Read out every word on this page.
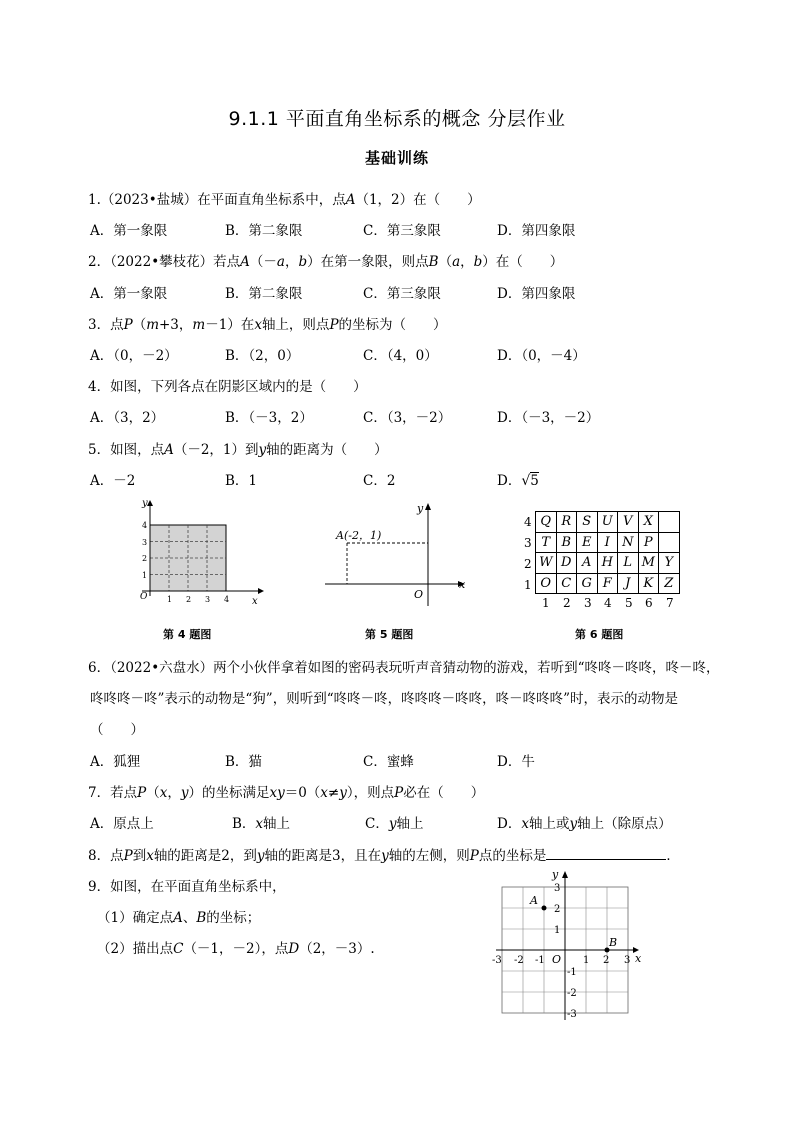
9.1.1 平面直角坐标系的概念 分层作业
基础训练
1.（2023•盐城）在平面直角坐标系中，点A（1，2）在（　　）
A．第一象限	B．第二象限	C．第三象限	D．第四象限
2．（2022•攀枝花）若点A（－a，b）在第一象限，则点B（a，b）在（　　）
A．第一象限	B．第二象限	C．第三象限	D．第四象限
3．点P（m+3，m－1）在x轴上，则点P的坐标为（　　）
A．（0，－2）	B．（2，0）	C．（4，0）	D．（0，－4）
4．如图，下列各点在阴影区域内的是（　　）
A．（3，2）	B．（－3，2）	C．（3，－2）	D．（－3，－2）
5．如图，点A（－2，1）到y轴的距离为（　　）
A．－2	B．1	C．2	D．√5
y
x
O 1 2 3 4
1
2
3
4
第 4 题图
A(-2，1)
y
x
O
第 5 题图
4
3
2
1
Q	R	S	U	V	X	
T	B	E	I	N	P	
W	D	A	H	L	M	Y
O	C	G	F	J	K	Z
1 2 3 4 5 6 7
第 6 题图
6．（2022•六盘水）两个小伙伴拿着如图的密码表玩听声音猜动物的游戏，若听到“咚咚－咚咚，咚－咚，
咚咚咚－咚”表示的动物是“狗”，则听到“咚咚－咚，咚咚咚－咚咚，咚－咚咚咚”时，表示的动物是
（　　）
A．狐狸	B．猫	C．蜜蜂	D．牛
7．若点P（x，y）的坐标满足xy＝0（x≠y），则点P必在（　　）
A．原点上	B．x轴上	C．y轴上	D．x轴上或y轴上（除原点）
8．点P到x轴的距离是2，到y轴的距离是3，且在y轴的左侧，则P点的坐标是	．
9．如图，在平面直角坐标系中，
（1）确定点A、B的坐标；
（2）描出点C（－1，－2），点D（2，－3）.
y
x
O
-3 -2 -1	1 2 3
3
2
1
-1
-2
-3
A
B
